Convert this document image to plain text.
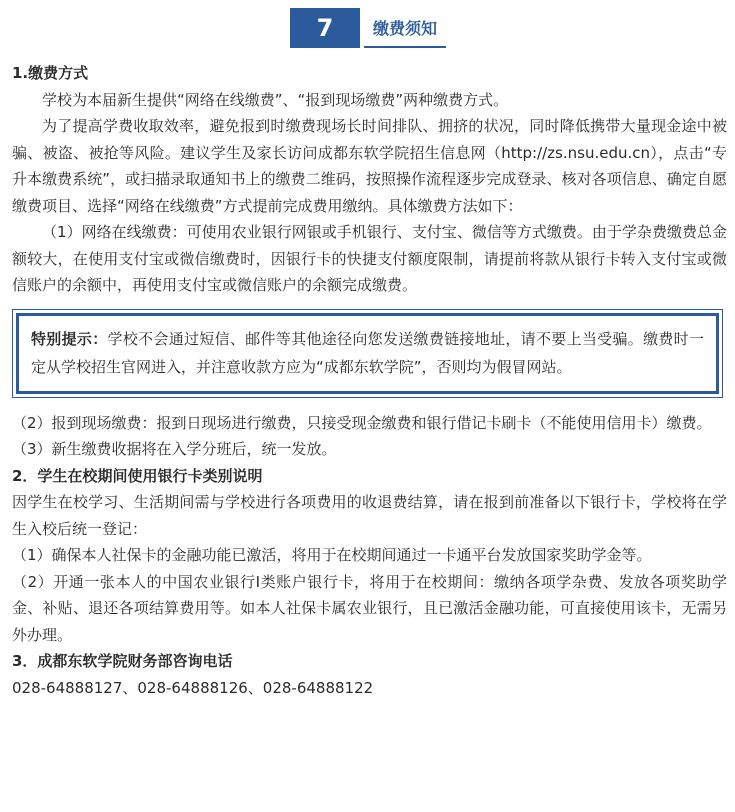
7	缴费须知

1.缴费方式

学校为本届新生提供“网络在线缴费”、“报到现场缴费”两种缴费方式。

为了提高学费收取效率，避免报到时缴费现场长时间排队、拥挤的状况，同时降低携带大量现金途中被骗、被盗、被抢等风险。建议学生及家长访问成都东软学院招生信息网（http://zs.nsu.edu.cn），点击“专升本缴费系统”，或扫描录取通知书上的缴费二维码，按照操作流程逐步完成登录、核对各项信息、确定自愿缴费项目、选择“网络在线缴费”方式提前完成费用缴纳。具体缴费方法如下：

（1）网络在线缴费：可使用农业银行网银或手机银行、支付宝、微信等方式缴费。由于学杂费缴费总金额较大，在使用支付宝或微信缴费时，因银行卡的快捷支付额度限制，请提前将款从银行卡转入支付宝或微信账户的余额中，再使用支付宝或微信账户的余额完成缴费。

特别提示：学校不会通过短信、邮件等其他途径向您发送缴费链接地址，请不要上当受骗。缴费时一定从学校招生官网进入，并注意收款方应为“成都东软学院”，否则均为假冒网站。

（2）报到现场缴费：报到日现场进行缴费，只接受现金缴费和银行借记卡刷卡（不能使用信用卡）缴费。

（3）新生缴费收据将在入学分班后，统一发放。

2．学生在校期间使用银行卡类别说明

因学生在校学习、生活期间需与学校进行各项费用的收退费结算，请在报到前准备以下银行卡，学校将在学生入校后统一登记：

（1）确保本人社保卡的金融功能已激活，将用于在校期间通过一卡通平台发放国家奖助学金等。

（2）开通一张本人的中国农业银行Ⅰ类账户银行卡，将用于在校期间：缴纳各项学杂费、发放各项奖助学金、补贴、退还各项结算费用等。如本人社保卡属农业银行，且已激活金融功能，可直接使用该卡，无需另外办理。

3．成都东软学院财务部咨询电话

028-64888127、028-64888126、028-64888122
